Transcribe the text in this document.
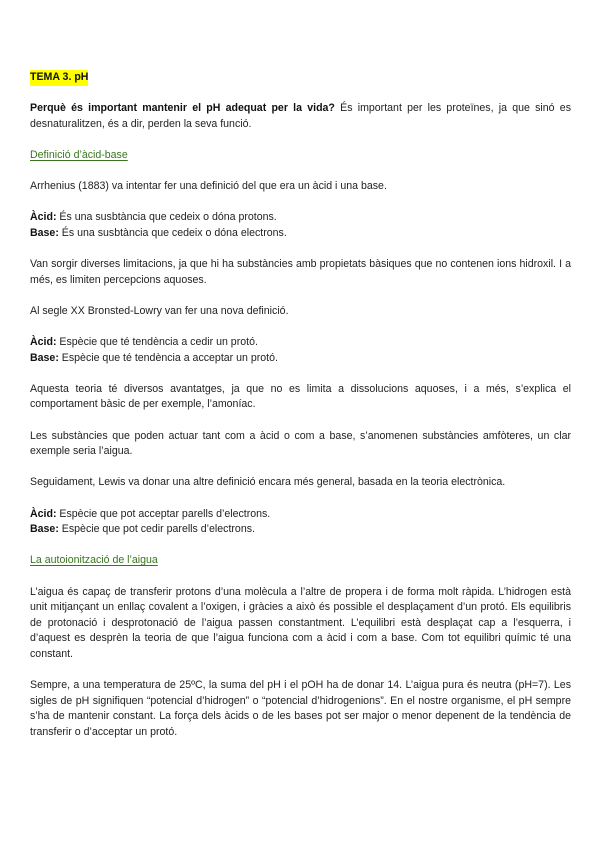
TEMA 3. pH

Perquè és important mantenir el pH adequat per la vida? És important per les proteïnes, ja que sinó es desnaturalitzen, és a dir, perden la seva funció.

Definició d’àcid-base

Arrhenius (1883) va intentar fer una definició del que era un àcid i una base.

Àcid: És una susbtància que cedeix o dóna protons.

Base: És una susbtància que cedeix o dóna electrons.

Van sorgir diverses limitacions, ja que hi ha substàncies amb propietats bàsiques que no contenen ions hidroxil. I a més, es limiten percepcions aquoses.

Al segle XX Bronsted-Lowry van fer una nova definició.

Àcid: Espècie que té tendència a cedir un protó.

Base: Espècie que té tendència a acceptar un protó.

Aquesta teoria té diversos avantatges, ja que no es limita a dissolucions aquoses, i a més, s’explica el comportament bàsic de per exemple, l’amoníac.

Les substàncies que poden actuar tant com a àcid o com a base, s’anomenen substàncies amfòteres, un clar exemple seria l’aigua.

Seguidament, Lewis va donar una altre definició encara més general, basada en la teoria electrònica.

Àcid: Espècie que pot acceptar parells d’electrons.

Base: Espècie que pot cedir parells d’electrons.

La autoionització de l’aigua

L’aigua és capaç de transferir protons d’una molècula a l’altre de propera i de forma molt ràpida. L’hidrogen està unit mitjançant un enllaç covalent a l’oxigen, i gràcies a això és possible el desplaçament d’un protó. Els equilibris de protonació i desprotonació de l’aigua passen constantment. L’equilibri està desplaçat cap a l’esquerra, i d’aquest es desprèn la teoria de que l’aigua funciona com a àcid i com a base. Com tot equilibri químic té una constant.

Sempre, a una temperatura de 25ºC, la suma del pH i el pOH ha de donar 14. L’aigua pura és neutra (pH=7). Les sigles de pH signifiquen “potencial d’hidrogen” o “potencial d’hidrogenions”. En el nostre organisme, el pH sempre s’ha de mantenir constant. La força dels àcids o de les bases pot ser major o menor depenent de la tendència de transferir o d’acceptar un protó.
